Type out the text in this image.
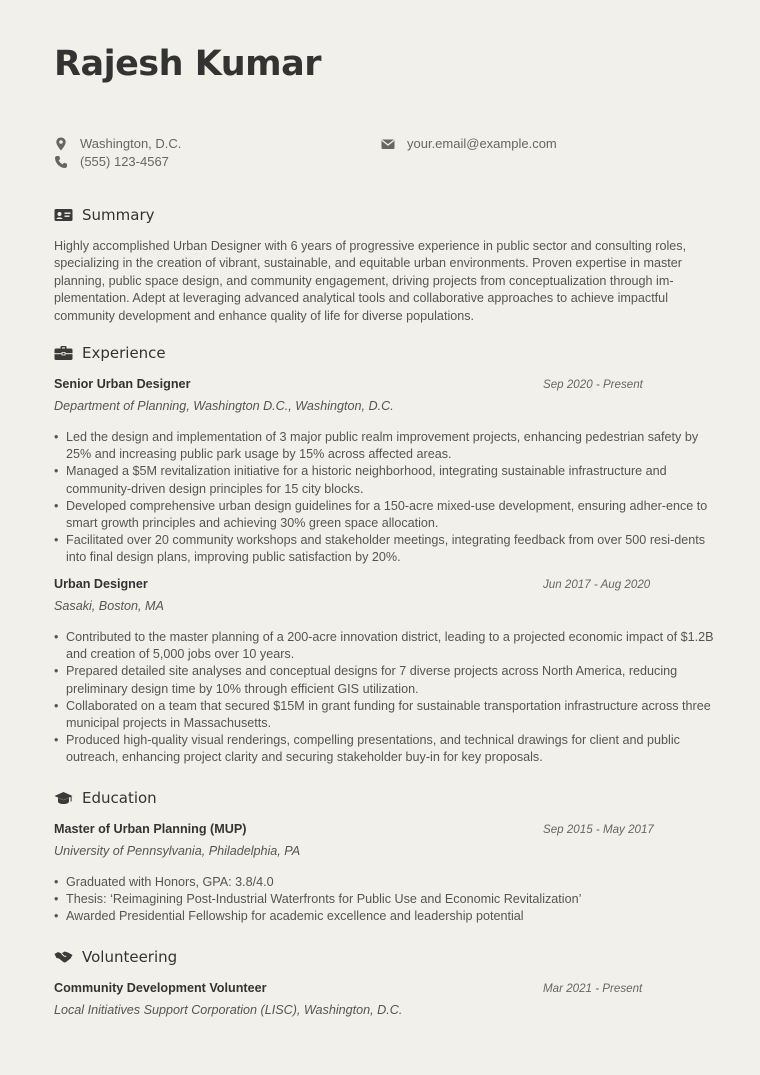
Rajesh Kumar
Washington, D.C.
(555) 123-4567
your.email@example.com
Summary

Highly accomplished Urban Designer with 6 years of progressive experience in public sector and consulting roles, specializing in the creation of vibrant, sustainable, and equitable urban environments. Proven expertise in master planning, public space design, and community engagement, driving projects from conceptualization through im-plementation. Adept at leveraging advanced analytical tools and collaborative approaches to achieve impactful community development and enhance quality of life for diverse populations.

Experience
Senior Urban Designer	Sep 2020 - Present
Department of Planning, Washington D.C., Washington, D.C.
• Led the design and implementation of 3 major public realm improvement projects, enhancing pedestrian safety by 25% and increasing public park usage by 15% across affected areas.
• Managed a $5M revitalization initiative for a historic neighborhood, integrating sustainable infrastructure and community-driven design principles for 15 city blocks.
• Developed comprehensive urban design guidelines for a 150-acre mixed-use development, ensuring adher-ence to smart growth principles and achieving 30% green space allocation.
• Facilitated over 20 community workshops and stakeholder meetings, integrating feedback from over 500 resi-dents into final design plans, improving public satisfaction by 20%.
Urban Designer	Jun 2017 - Aug 2020
Sasaki, Boston, MA
• Contributed to the master planning of a 200-acre innovation district, leading to a projected economic impact of $1.2B and creation of 5,000 jobs over 10 years.
• Prepared detailed site analyses and conceptual designs for 7 diverse projects across North America, reducing preliminary design time by 10% through efficient GIS utilization.
• Collaborated on a team that secured $15M in grant funding for sustainable transportation infrastructure across three municipal projects in Massachusetts.
• Produced high-quality visual renderings, compelling presentations, and technical drawings for client and public outreach, enhancing project clarity and securing stakeholder buy-in for key proposals.
Education
Master of Urban Planning (MUP)	Sep 2015 - May 2017
University of Pennsylvania, Philadelphia, PA
• Graduated with Honors, GPA: 3.8/4.0
• Thesis: ‘Reimagining Post-Industrial Waterfronts for Public Use and Economic Revitalization’
• Awarded Presidential Fellowship for academic excellence and leadership potential
Volunteering
Community Development Volunteer	Mar 2021 - Present
Local Initiatives Support Corporation (LISC), Washington, D.C.
